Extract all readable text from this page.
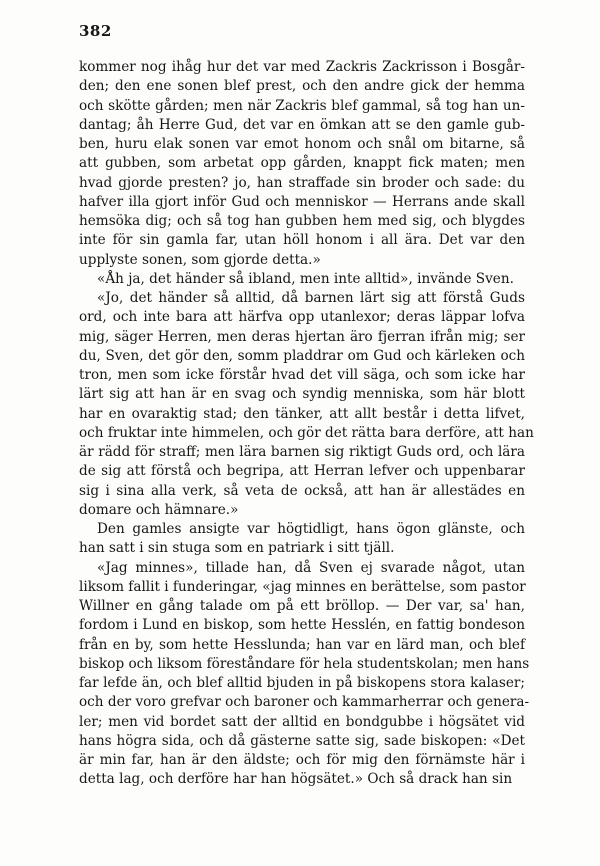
382
kommer nog ihåg hur det var med Zackris Zackrisson i Bosgår-
den; den ene sonen blef prest, och den andre gick der hemma
och skötte gården; men när Zackris blef gammal, så tog han un-
dantag; åh Herre Gud, det var en ömkan att se den gamle gub-
ben, huru elak sonen var emot honom och snål om bitarne, så
att gubben, som arbetat opp gården, knappt fick maten; men
hvad gjorde presten? jo, han straffade sin broder och sade: du
hafver illa gjort inför Gud och menniskor — Herrans ande skall
hemsöka dig; och så tog han gubben hem med sig, och blygdes
inte för sin gamla far, utan höll honom i all ära. Det var den
upplyste sonen, som gjorde detta.»
«Åh ja, det händer så ibland, men inte alltid», invände Sven.
«Jo, det händer så alltid, då barnen lärt sig att förstå Guds
ord, och inte bara att härfva opp utanlexor; deras läppar lofva
mig, säger Herren, men deras hjertan äro fjerran ifrån mig; ser
du, Sven, det gör den, somm pladdrar om Gud och kärleken och
tron, men som icke förstår hvad det vill säga, och som icke har
lärt sig att han är en svag och syndig menniska, som här blott
har en ovaraktig stad; den tänker, att allt består i detta lifvet,
och fruktar inte himmelen, och gör det rätta bara derföre, att han
är rädd för straff; men lära barnen sig riktigt Guds ord, och lära
de sig att förstå och begripa, att Herran lefver och uppenbarar
sig i sina alla verk, så veta de också, att han är allestädes en
domare och hämnare.»
Den gamles ansigte var högtidligt, hans ögon glänste, och
han satt i sin stuga som en patriark i sitt tjäll.
«Jag minnes», tillade han, då Sven ej svarade något, utan
liksom fallit i funderingar, «jag minnes en berättelse, som pastor
Willner en gång talade om på ett bröllop. — Der var, sa' han,
fordom i Lund en biskop, som hette Hesslén, en fattig bondeson
från en by, som hette Hesslunda; han var en lärd man, och blef
biskop och liksom föreståndare för hela studentskolan; men hans
far lefde än, och blef alltid bjuden in på biskopens stora kalaser;
och der voro grefvar och baroner och kammarherrar och genera-
ler; men vid bordet satt der alltid en bondgubbe i högsätet vid
hans högra sida, och då gästerne satte sig, sade biskopen: «Det
är min far, han är den äldste; och för mig den förnämste här i
detta lag, och derföre har han högsätet.» Och så drack han sin
